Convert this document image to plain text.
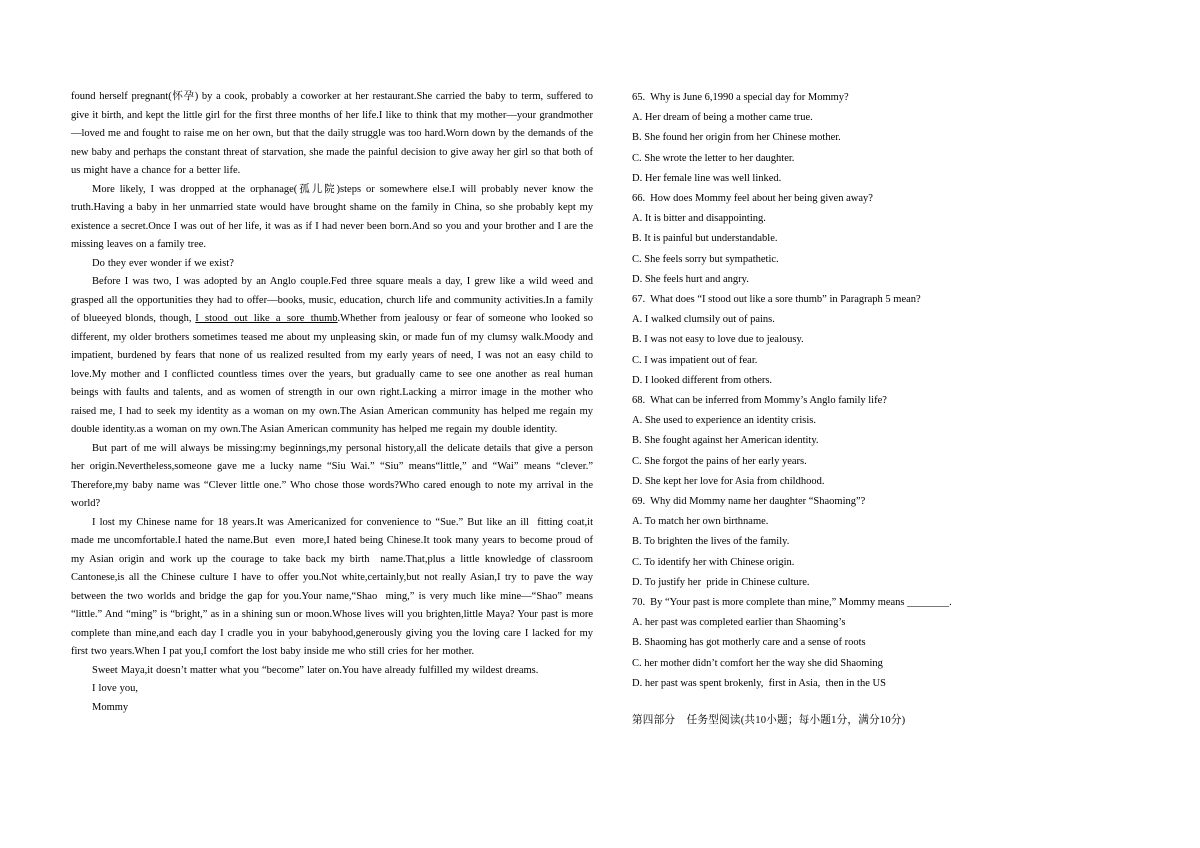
found herself pregnant(怀孕) by a cook, probably a coworker at her restaurant.She carried the baby to term, suffered to give it birth, and kept the little girl for the first three months of her life.I like to think that my mother—your grandmother—loved me and fought to raise me on her own, but that the daily struggle was too hard.Worn down by the demands of the new baby and perhaps the constant threat of starvation, she made the painful decision to give away her girl so that both of us might have a chance for a better life.

More likely, I was dropped at the orphanage(孤儿院)steps or somewhere else.I will probably never know the truth.Having a baby in her unmarried state would have brought shame on the family in China, so she probably kept my existence a secret.Once I was out of her life, it was as if I had never been born.And so you and your brother and I are the missing leaves on a family tree.

Do they ever wonder if we exist?

Before I was two, I was adopted by an Anglo couple.Fed three square meals a day, I grew like a wild weed and grasped all the opportunities they had to offer—books, music, education, church life and community activities.In a family of blueeyed blonds, though, I stood out like a sore thumb.Whether from jealousy or fear of someone who looked so different, my older brothers sometimes teased me about my unpleasing skin, or made fun of my clumsy walk.Moody and impatient, burdened by fears that none of us realized resulted from my early years of need, I was not an easy child to love.My mother and I conflicted countless times over the years, but gradually came to see one another as real human beings with faults and talents, and as women of strength in our own right.Lacking a mirror image in the mother who raised me, I had to seek my identity as a woman on my own.The Asian American community has helped me regain my double identity.as a woman on my own.The Asian American community has helped me regain my double identity.

But part of me will always be missing:my beginnings,my personal history,all the delicate details that give a person her origin.Nevertheless,someone gave me a lucky name “Siu Wai.” “Siu” means“little,” and “Wai” means “clever.” Therefore,my baby name was “Clever little one.” Who chose those words?Who cared enough to note my arrival in the world?

I lost my Chinese name for 18 years.It was Americanized for convenience to “Sue.” But like an ill  fitting coat,it made me uncomfortable.I hated the name.But  even  more,I hated being Chinese.It took many years to become proud of my Asian origin and work up the courage to take back my birth  name.That,plus a little knowledge of classroom Cantonese,is all the Chinese culture I have to offer you.Not white,certainly,but not really Asian,I try to pave the way between the two worlds and bridge the gap for you.Your name,“Shao  ming,” is very much like mine—“Shao” means “little.” And “ming” is “bright,” as in a shining sun or moon.Whose lives will you brighten,little Maya? Your past is more complete than mine,and each day I cradle you in your babyhood,generously giving you the loving care I lacked for my first two years.When I pat you,I comfort the lost baby inside me who still cries for her mother.

Sweet Maya,it doesn’t matter what you “become” later on.You have already fulfilled my wildest dreams.

I love you,

Mommy

65. Why is June 6,1990 a special day for Mommy?

A. Her dream of being a mother came true.

B. She found her origin from her Chinese mother.

C. She wrote the letter to her daughter.

D. Her female line was well linked.

66. How does Mommy feel about her being given away?

A. It is bitter and disappointing.

B. It is painful but understandable.

C. She feels sorry but sympathetic.

D. She feels hurt and angry.

67. What does “I stood out like a sore thumb” in Paragraph 5 mean?

A. I walked clumsily out of pains.

B. I was not easy to love due to jealousy.

C. I was impatient out of fear.

D. I looked different from others.

68. What can be inferred from Mommy’s Anglo family life?

A. She used to experience an identity crisis.

B. She fought against her American identity.

C. She forgot the pains of her early years.

D. She kept her love for Asia from childhood.

69. Why did Mommy name her daughter “Shaoming”?

A. To match her own birthname.

B. To brighten the lives of the family.

C. To identify her with Chinese origin.

D. To justify her  pride in Chinese culture.

70. By “Your past is more complete than mine,” Mommy means ________.

A. her past was completed earlier than Shaoming’s

B. Shaoming has got motherly care and a sense of roots

C. her mother didn’t comfort her the way she did Shaoming

D. her past was spent brokenly,  first in Asia,  then in the US

第四部分    任务型阅读(共10小题；每小题1分，满分10分)
